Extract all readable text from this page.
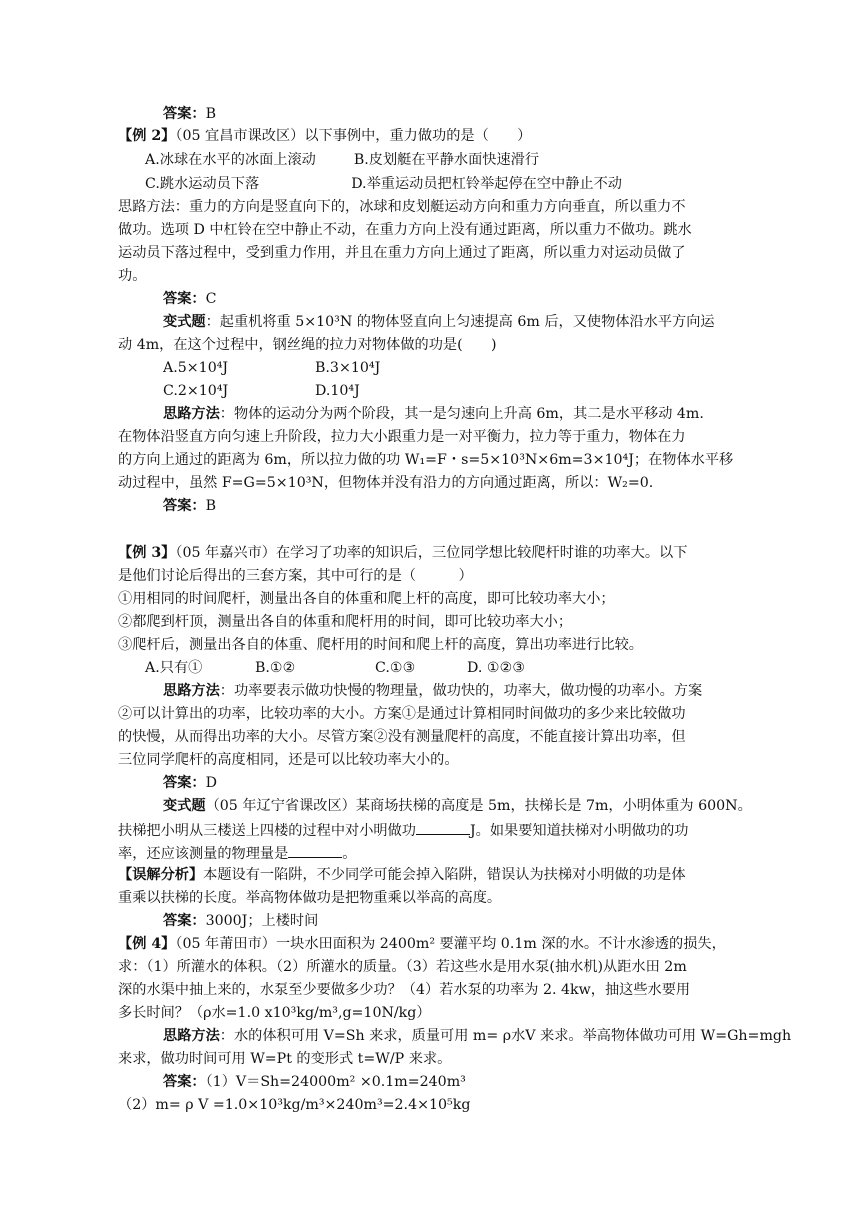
答案：B
【例 2】（05 宜昌市课改区）以下事例中，重力做功的是（　　）
A.冰球在水平的冰面上滚动	B.皮划艇在平静水面快速滑行
C.跳水运动员下落	D.举重运动员把杠铃举起停在空中静止不动
思路方法：重力的方向是竖直向下的，冰球和皮划艇运动方向和重力方向垂直，所以重力不
做功。选项 D 中杠铃在空中静止不动，在重力方向上没有通过距离，所以重力不做功。跳水
运动员下落过程中，受到重力作用，并且在重力方向上通过了距离，所以重力对运动员做了
功。
答案：C
变式题：起重机将重 5×10³N 的物体竖直向上匀速提高 6m 后，又使物体沿水平方向运
动 4m，在这个过程中，钢丝绳的拉力对物体做的功是(　　)
A.5×10⁴J	B.3×10⁴J
C.2×10⁴J	D.10⁴J
思路方法：物体的运动分为两个阶段，其一是匀速向上升高 6m，其二是水平移动 4m.
在物体沿竖直方向匀速上升阶段，拉力大小跟重力是一对平衡力，拉力等于重力，物体在力
的方向上通过的距离为 6m，所以拉力做的功 W₁=F・s=5×10³N×6m=3×10⁴J；在物体水平移
动过程中，虽然 F=G=5×10³N，但物体并没有沿力的方向通过距离，所以：W₂=0.
答案：B
【例 3】（05 年嘉兴市）在学习了功率的知识后，三位同学想比较爬杆时谁的功率大。以下
是他们讨论后得出的三套方案，其中可行的是（　　　）
①用相同的时间爬杆，测量出各自的体重和爬上杆的高度，即可比较功率大小；
②都爬到杆顶，测量出各自的体重和爬杆用的时间，即可比较功率大小；
③爬杆后，测量出各自的体重、爬杆用的时间和爬上杆的高度，算出功率进行比较。
A.只有①	B.①②	C.①③	D. ①②③
思路方法：功率要表示做功快慢的物理量，做功快的，功率大，做功慢的功率小。方案
②可以计算出的功率，比较功率的大小。方案①是通过计算相同时间做功的多少来比较做功
的快慢，从而得出功率的大小。尽管方案②没有测量爬杆的高度，不能直接计算出功率，但
三位同学爬杆的高度相同，还是可以比较功率大小的。
答案：D
变式题（05 年辽宁省课改区）某商场扶梯的高度是 5m，扶梯长是 7m，小明体重为 600N。
扶梯把小明从三楼送上四楼的过程中对小明做功	J。如果要知道扶梯对小明做功的功
率，还应该测量的物理量是	。
【误解分析】本题设有一陷阱，不少同学可能会掉入陷阱，错误认为扶梯对小明做的功是体
重乘以扶梯的长度。举高物体做功是把物重乘以举高的高度。
答案：3000J；上楼时间
【例 4】（05 年莆田市）一块水田面积为 2400m² 要灌平均 0.1m 深的水。不计水渗透的损失，
求：（1）所灌水的体积。（2）所灌水的质量。（3）若这些水是用水泵(抽水机)从距水田 2m
深的水渠中抽上来的，水泵至少要做多少功？（4）若水泵的功率为 2. 4kw，抽这些水要用
多长时间？（ρ水=1.0 x10³kg/m³,g=10N/kg）
思路方法：水的体积可用 V=Sh 来求，质量可用 m= ρ水V 来求。举高物体做功可用 W=Gh=mgh
来求，做功时间可用 W=Pt 的变形式 t=W/P 来求。
答案：（1）V＝Sh=24000m² ×0.1m=240m³
（2）m= ρ V =1.0×10³kg/m³×240m³=2.4×10⁵kg
